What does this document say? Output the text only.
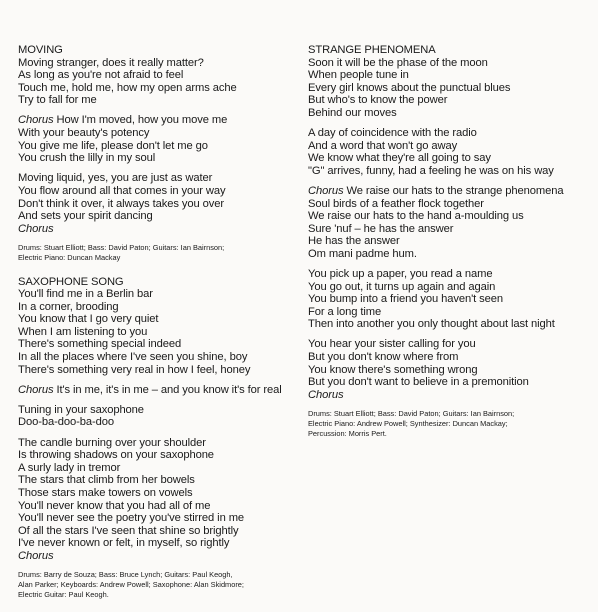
MOVING
Moving stranger, does it really matter?
As long as you're not afraid to feel
Touch me, hold me, how my open arms ache
Try to fall for me
Chorus How I'm moved, how you move me
With your beauty's potency
You give me life, please don't let me go
You crush the lilly in my soul
Moving liquid, yes, you are just as water
You flow around all that comes in your way
Don't think it over, it always takes you over
And sets your spirit dancing
Chorus
Drums: Stuart Elliott; Bass: David Paton; Guitars: Ian Bairnson;
Electric Piano: Duncan Mackay
SAXOPHONE SONG
You'll find me in a Berlin bar
In a corner, brooding
You know that I go very quiet
When I am listening to you
There's something special indeed
In all the places where I've seen you shine, boy
There's something very real in how I feel, honey
Chorus It's in me, it's in me – and you know it's for real
Tuning in your saxophone
Doo-ba-doo-ba-doo
The candle burning over your shoulder
Is throwing shadows on your saxophone
A surly lady in tremor
The stars that climb from her bowels
Those stars make towers on vowels
You'll never know that you had all of me
You'll never see the poetry you've stirred in me
Of all the stars I've seen that shine so brightly
I've never known or felt, in myself, so rightly
Chorus
Drums: Barry de Souza; Bass: Bruce Lynch; Guitars: Paul Keogh,
Alan Parker; Keyboards: Andrew Powell; Saxophone: Alan Skidmore;
Electric Guitar: Paul Keogh.
STRANGE PHENOMENA
Soon it will be the phase of the moon
When people tune in
Every girl knows about the punctual blues
But who's to know the power
Behind our moves
A day of coincidence with the radio
And a word that won't go away
We know what they're all going to say
"G" arrives, funny, had a feeling he was on his way
Chorus We raise our hats to the strange phenomena
Soul birds of a feather flock together
We raise our hats to the hand a-moulding us
Sure 'nuf – he has the answer
He has the answer
Om mani padme hum.
You pick up a paper, you read a name
You go out, it turns up again and again
You bump into a friend you haven't seen
For a long time
Then into another you only thought about last night
You hear your sister calling for you
But you don't know where from
You know there's something wrong
But you don't want to believe in a premonition
Chorus
Drums: Stuart Elliott; Bass: David Paton; Guitars: Ian Bairnson;
Electric Piano: Andrew Powell; Synthesizer: Duncan Mackay;
Percussion: Morris Pert.
